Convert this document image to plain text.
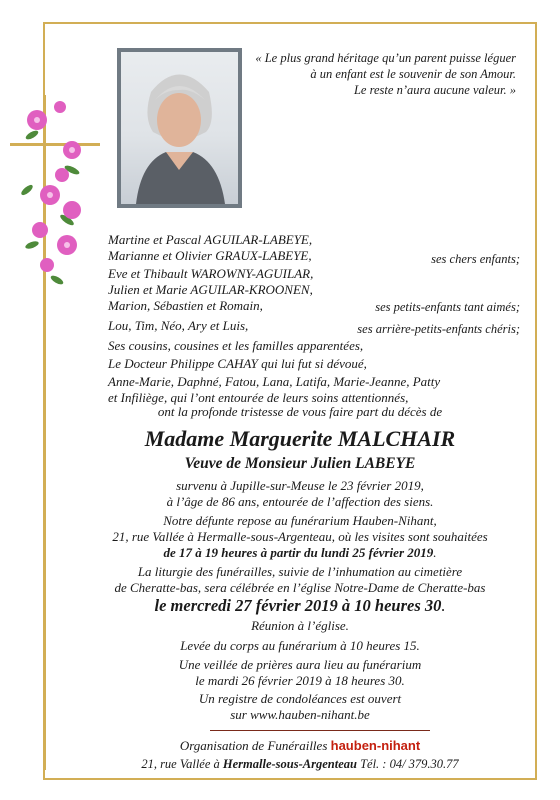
« Le plus grand héritage qu’un parent puisse léguer
à un enfant est le souvenir de son Amour.
Le reste n’aura aucune valeur. »
Martine et Pascal AGUILAR-LABEYE,
Marianne et Olivier GRAUX-LABEYE,	ses chers enfants;
Eve et Thibault WAROWNY-AGUILAR,
Julien et Marie AGUILAR-KROONEN,
Marion, Sébastien et Romain,	ses petits-enfants tant aimés;
Lou, Tim, Néo, Ary et Luis,	ses arrière-petits-enfants chéris;
Ses cousins, cousines et les familles apparentées,
Le Docteur Philippe CAHAY qui lui fut si dévoué,
Anne-Marie, Daphné, Fatou, Lana, Latifa, Marie-Jeanne, Patty
et Infiliège, qui l’ont entourée de leurs soins attentionnés,
ont la profonde tristesse de vous faire part du décès de
Madame Marguerite MALCHAIR
Veuve de Monsieur Julien LABEYE
survenu à Jupille-sur-Meuse le 23 février 2019,
à l’âge de 86 ans, entourée de l’affection des siens.
Notre défunte repose au funérarium Hauben-Nihant,
21, rue Vallée à Hermalle-sous-Argenteau, où les visites sont souhaitées
de 17 à 19 heures à partir du lundi 25 février 2019.
La liturgie des funérailles, suivie de l’inhumation au cimetière
de Cheratte-bas, sera célébrée en l’église Notre-Dame de Cheratte-bas
le mercredi 27 février 2019 à 10 heures 30.
Réunion à l’église.
Levée du corps au funérarium à 10 heures 15.
Une veillée de prières aura lieu au funérarium
le mardi 26 février 2019 à 18 heures 30.
Un registre de condoléances est ouvert
sur www.hauben-nihant.be
Organisation de Funérailles hauben-nihant
21, rue Vallée à Hermalle-sous-Argenteau Tél. : 04/ 379.30.77
